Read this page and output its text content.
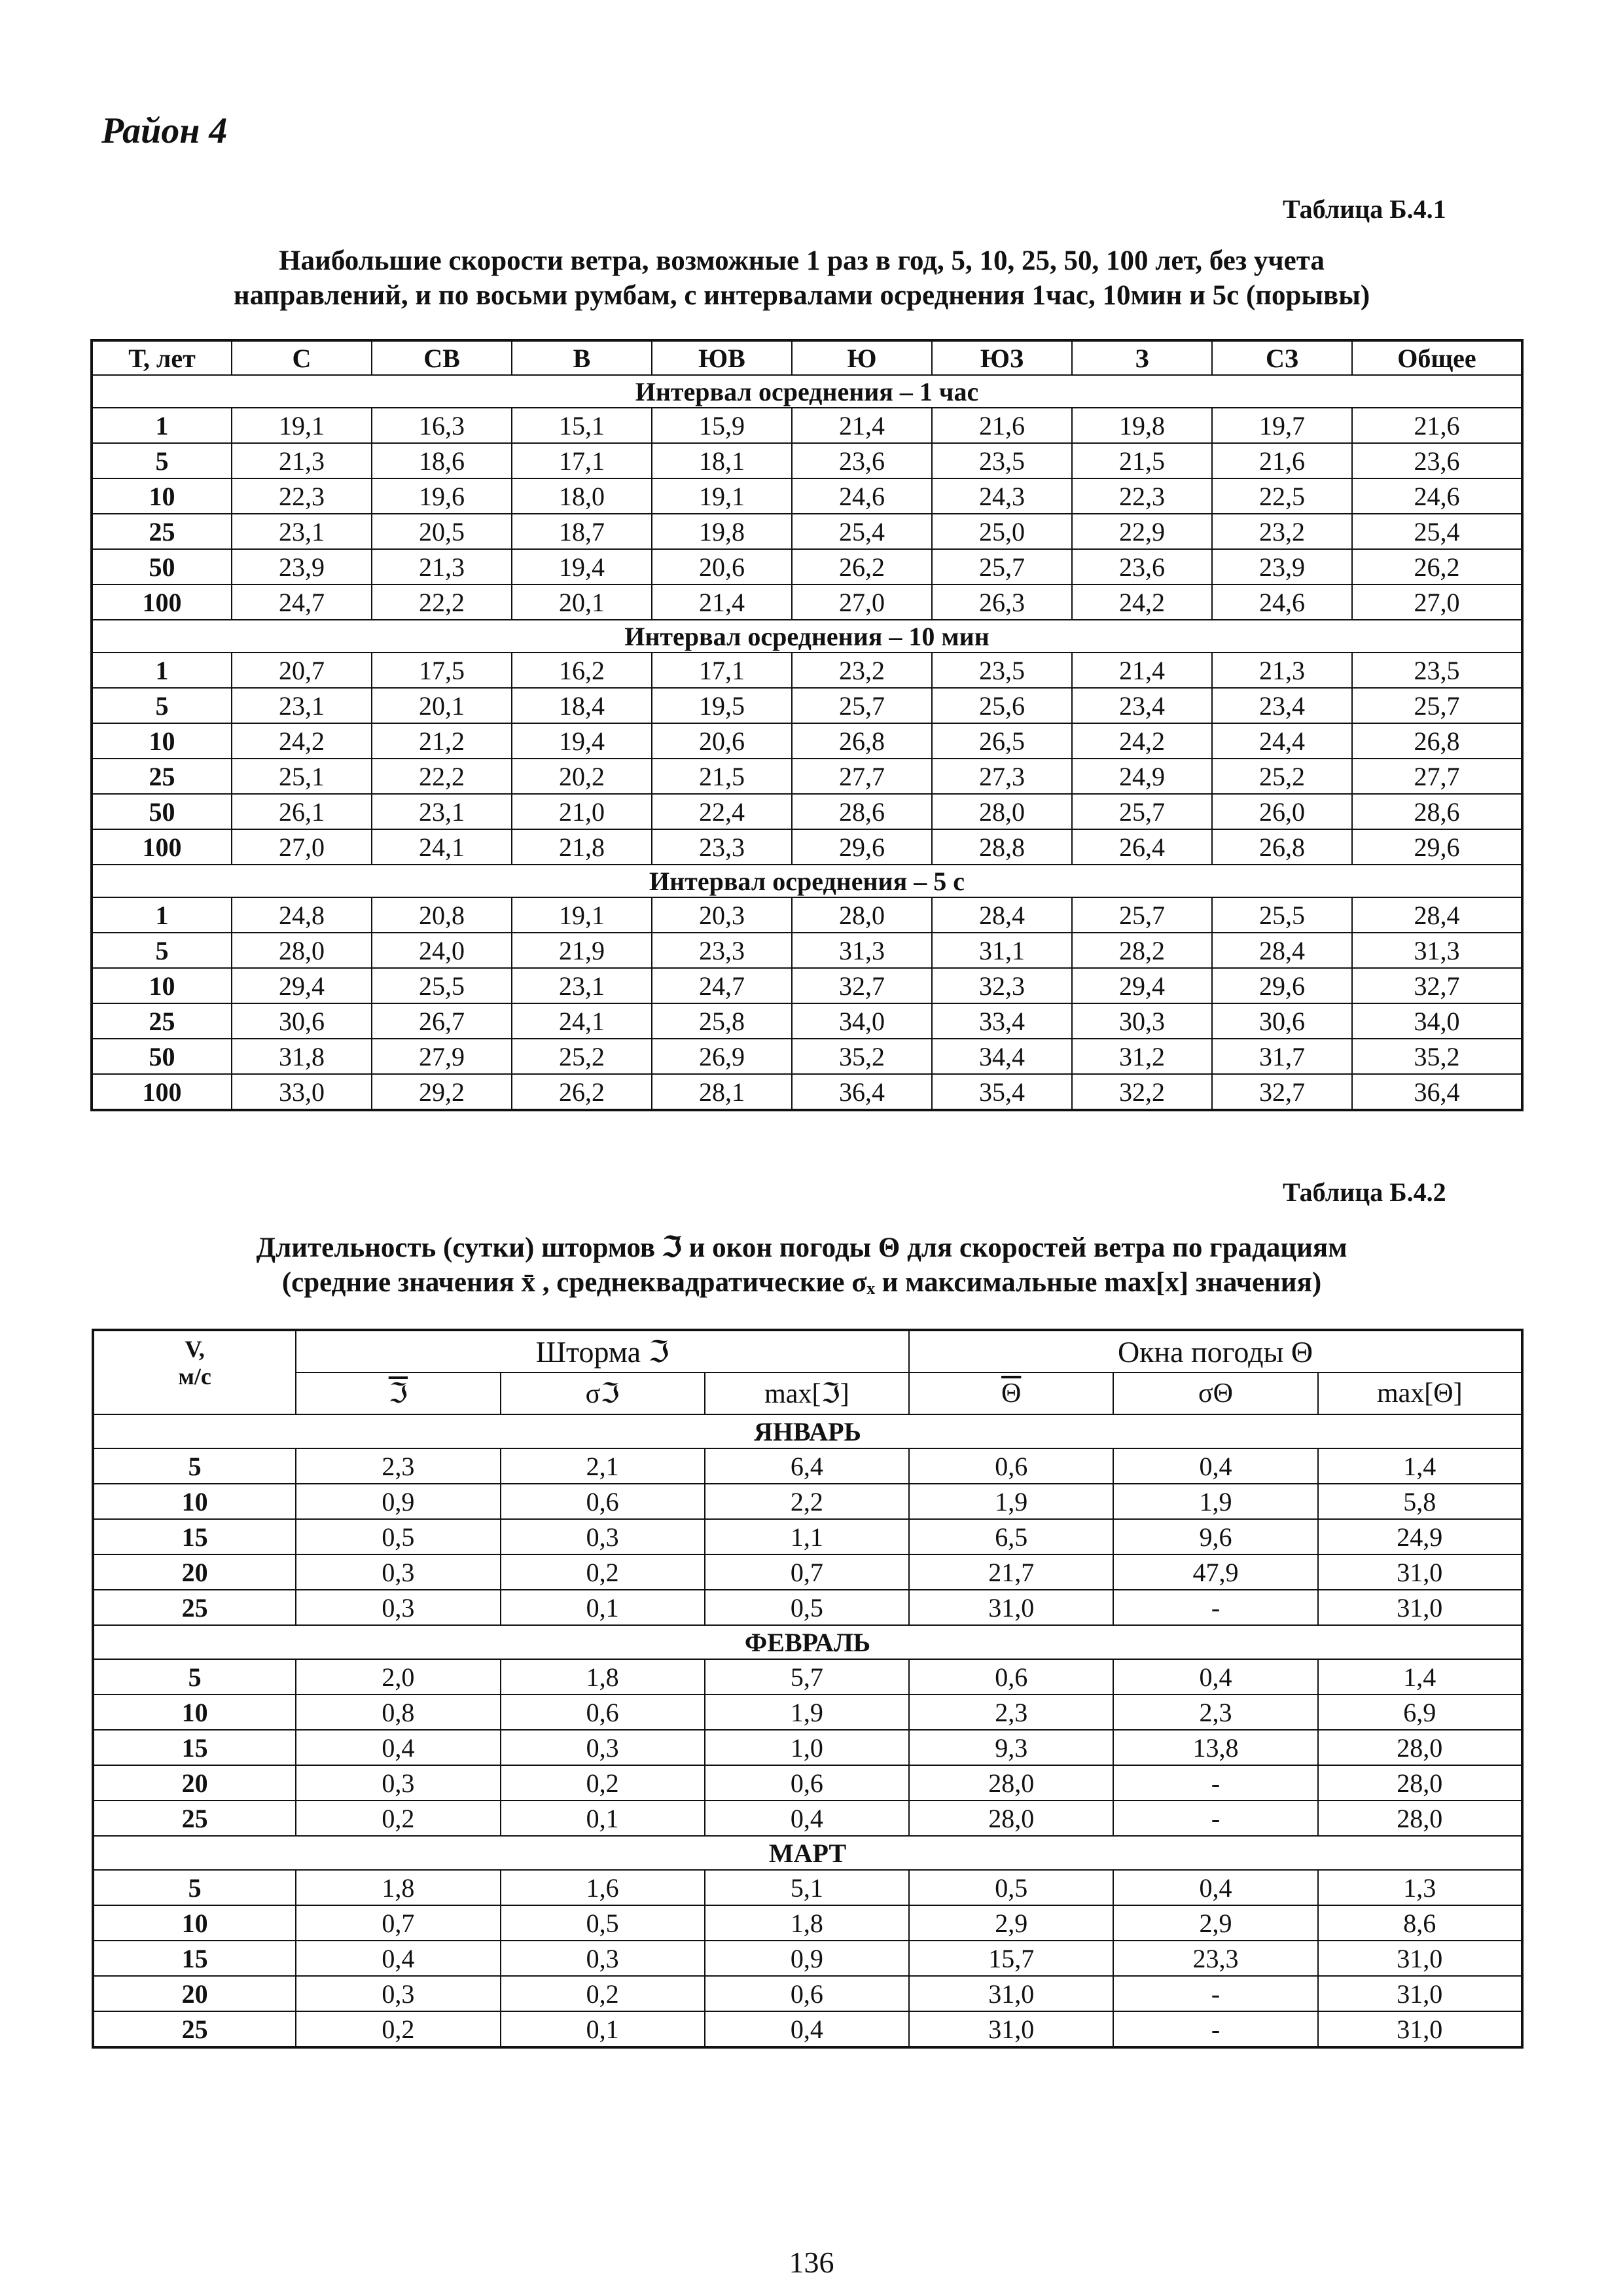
Район 4
Таблица Б.4.1
Наибольшие скорости ветра, возможные 1 раз в год, 5, 10, 25, 50, 100 лет, без учета
направлений, и по восьми румбам, с интервалами осреднения 1час, 10мин и 5с (порывы)
Т, лет	С	СВ	В	ЮВ	Ю	ЮЗ	З	СЗ	Общее
Интервал осреднения – 1 час									
1	19,1	16,3	15,1	15,9	21,4	21,6	19,8	19,7	21,6
5	21,3	18,6	17,1	18,1	23,6	23,5	21,5	21,6	23,6
10	22,3	19,6	18,0	19,1	24,6	24,3	22,3	22,5	24,6
25	23,1	20,5	18,7	19,8	25,4	25,0	22,9	23,2	25,4
50	23,9	21,3	19,4	20,6	26,2	25,7	23,6	23,9	26,2
100	24,7	22,2	20,1	21,4	27,0	26,3	24,2	24,6	27,0
Интервал осреднения – 10 мин									
1	20,7	17,5	16,2	17,1	23,2	23,5	21,4	21,3	23,5
5	23,1	20,1	18,4	19,5	25,7	25,6	23,4	23,4	25,7
10	24,2	21,2	19,4	20,6	26,8	26,5	24,2	24,4	26,8
25	25,1	22,2	20,2	21,5	27,7	27,3	24,9	25,2	27,7
50	26,1	23,1	21,0	22,4	28,6	28,0	25,7	26,0	28,6
100	27,0	24,1	21,8	23,3	29,6	28,8	26,4	26,8	29,6
Интервал осреднения – 5 с									
1	24,8	20,8	19,1	20,3	28,0	28,4	25,7	25,5	28,4
5	28,0	24,0	21,9	23,3	31,3	31,1	28,2	28,4	31,3
10	29,4	25,5	23,1	24,7	32,7	32,3	29,4	29,6	32,7
25	30,6	26,7	24,1	25,8	34,0	33,4	30,3	30,6	34,0
50	31,8	27,9	25,2	26,9	35,2	34,4	31,2	31,7	35,2
100	33,0	29,2	26,2	28,1	36,4	35,4	32,2	32,7	36,4
Таблица Б.4.2
Длительность (сутки) штормов ℑ и окон погоды Θ для скоростей ветра по градациям
(средние значения x̄ , среднеквадратические σₓ и максимальные max[x] значения)
V,
м/с	Шторма ℑ			Окна погоды Θ		
	ℑ	σℑ	max[ℑ]	$\overline{\Theta}$	σΘ	max[Θ]
ЯНВАРЬ						
5	2,3	2,1	6,4	0,6	0,4	1,4
10	0,9	0,6	2,2	1,9	1,9	5,8
15	0,5	0,3	1,1	6,5	9,6	24,9
20	0,3	0,2	0,7	21,7	47,9	31,0
25	0,3	0,1	0,5	31,0	-	31,0
ФЕВРАЛЬ						
5	2,0	1,8	5,7	0,6	0,4	1,4
10	0,8	0,6	1,9	2,3	2,3	6,9
15	0,4	0,3	1,0	9,3	13,8	28,0
20	0,3	0,2	0,6	28,0	-	28,0
25	0,2	0,1	0,4	28,0	-	28,0
МАРТ						
5	1,8	1,6	5,1	0,5	0,4	1,3
10	0,7	0,5	1,8	2,9	2,9	8,6
15	0,4	0,3	0,9	15,7	23,3	31,0
20	0,3	0,2	0,6	31,0	-	31,0
25	0,2	0,1	0,4	31,0	-	31,0
136
